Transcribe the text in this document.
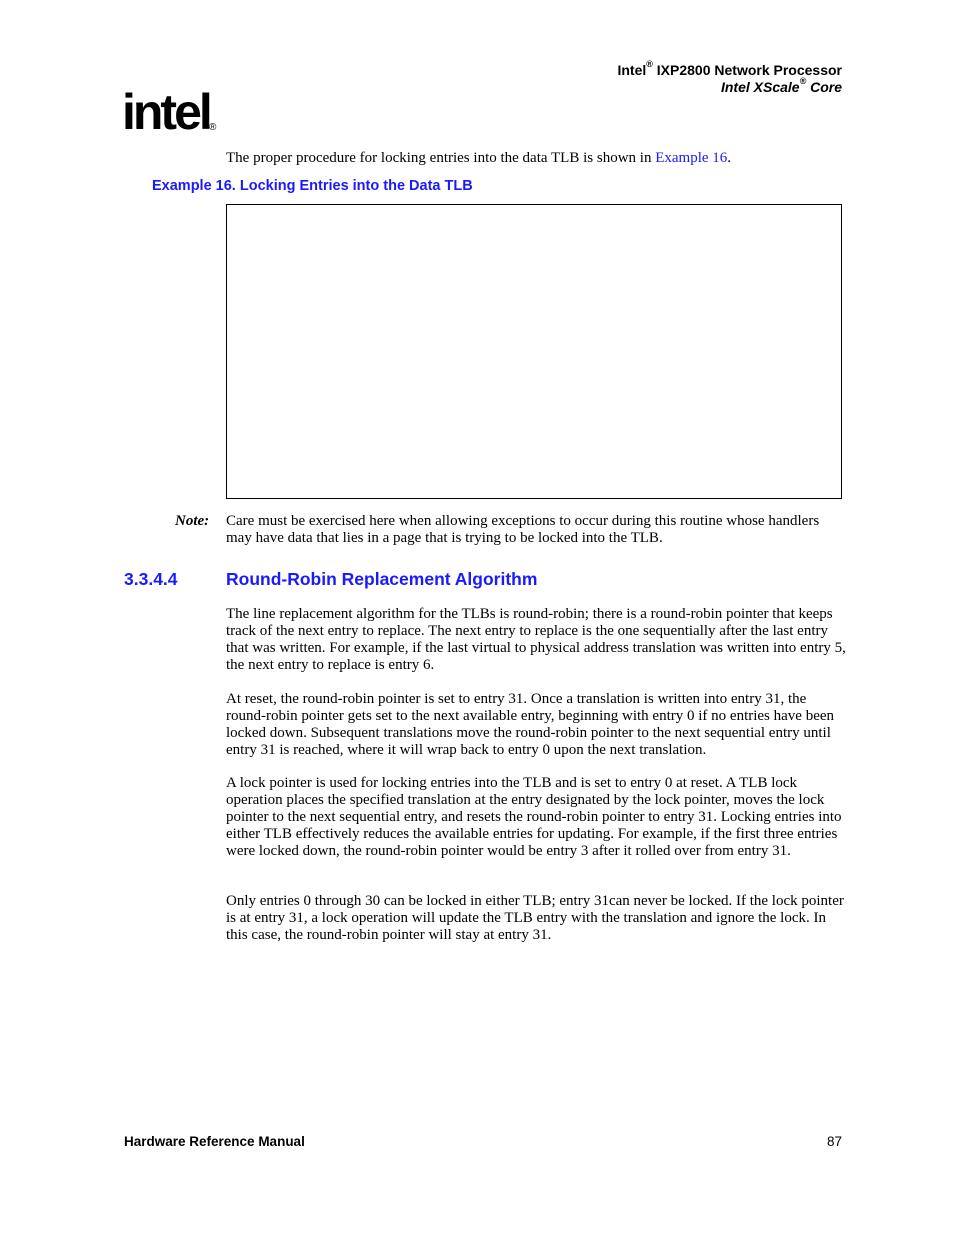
Intel® IXP2800 Network Processor
Intel XScale® Core
intel ®
The proper procedure for locking entries into the data TLB is shown in Example 16.
Example 16. Locking Entries into the Data TLB
Note: Care must be exercised here when allowing exceptions to occur during this routine whose handlers may have data that lies in a page that is trying to be locked into the TLB.
3.3.4.4	Round-Robin Replacement Algorithm
The line replacement algorithm for the TLBs is round-robin; there is a round-robin pointer that keeps track of the next entry to replace. The next entry to replace is the one sequentially after the last entry that was written. For example, if the last virtual to physical address translation was written into entry 5, the next entry to replace is entry 6.
At reset, the round-robin pointer is set to entry 31. Once a translation is written into entry 31, the round-robin pointer gets set to the next available entry, beginning with entry 0 if no entries have been locked down. Subsequent translations move the round-robin pointer to the next sequential entry until entry 31 is reached, where it will wrap back to entry 0 upon the next translation.
A lock pointer is used for locking entries into the TLB and is set to entry 0 at reset. A TLB lock operation places the specified translation at the entry designated by the lock pointer, moves the lock pointer to the next sequential entry, and resets the round-robin pointer to entry 31. Locking entries into either TLB effectively reduces the available entries for updating. For example, if the first three entries were locked down, the round-robin pointer would be entry 3 after it rolled over from entry 31.
Only entries 0 through 30 can be locked in either TLB; entry 31can never be locked. If the lock pointer is at entry 31, a lock operation will update the TLB entry with the translation and ignore the lock. In this case, the round-robin pointer will stay at entry 31.
Hardware Reference Manual	87
